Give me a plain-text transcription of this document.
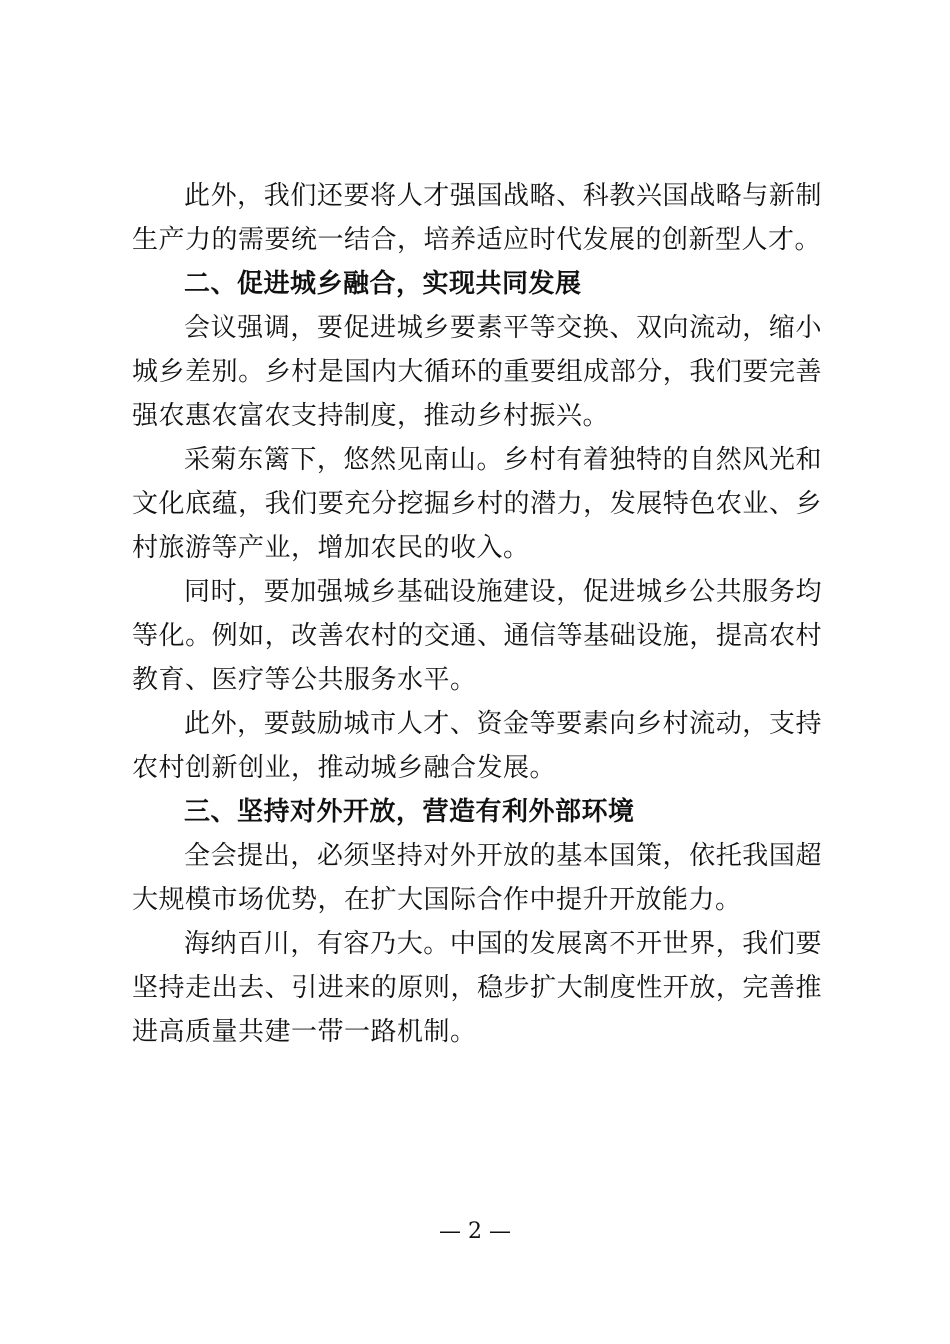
此外，我们还要将人才强国战略、科教兴国战略与新制生产力的需要统一结合，培养适应时代发展的创新型人才。

二、促进城乡融合，实现共同发展

会议强调，要促进城乡要素平等交换、双向流动，缩小城乡差别。乡村是国内大循环的重要组成部分，我们要完善强农惠农富农支持制度，推动乡村振兴。

采菊东篱下，悠然见南山。乡村有着独特的自然风光和文化底蕴，我们要充分挖掘乡村的潜力，发展特色农业、乡村旅游等产业，增加农民的收入。

同时，要加强城乡基础设施建设，促进城乡公共服务均等化。例如，改善农村的交通、通信等基础设施，提高农村教育、医疗等公共服务水平。

此外，要鼓励城市人才、资金等要素向乡村流动，支持农村创新创业，推动城乡融合发展。

三、坚持对外开放，营造有利外部环境

全会提出，必须坚持对外开放的基本国策，依托我国超大规模市场优势，在扩大国际合作中提升开放能力。

海纳百川，有容乃大。中国的发展离不开世界，我们要坚持走出去、引进来的原则，稳步扩大制度性开放，完善推进高质量共建一带一路机制。

— 2 —
